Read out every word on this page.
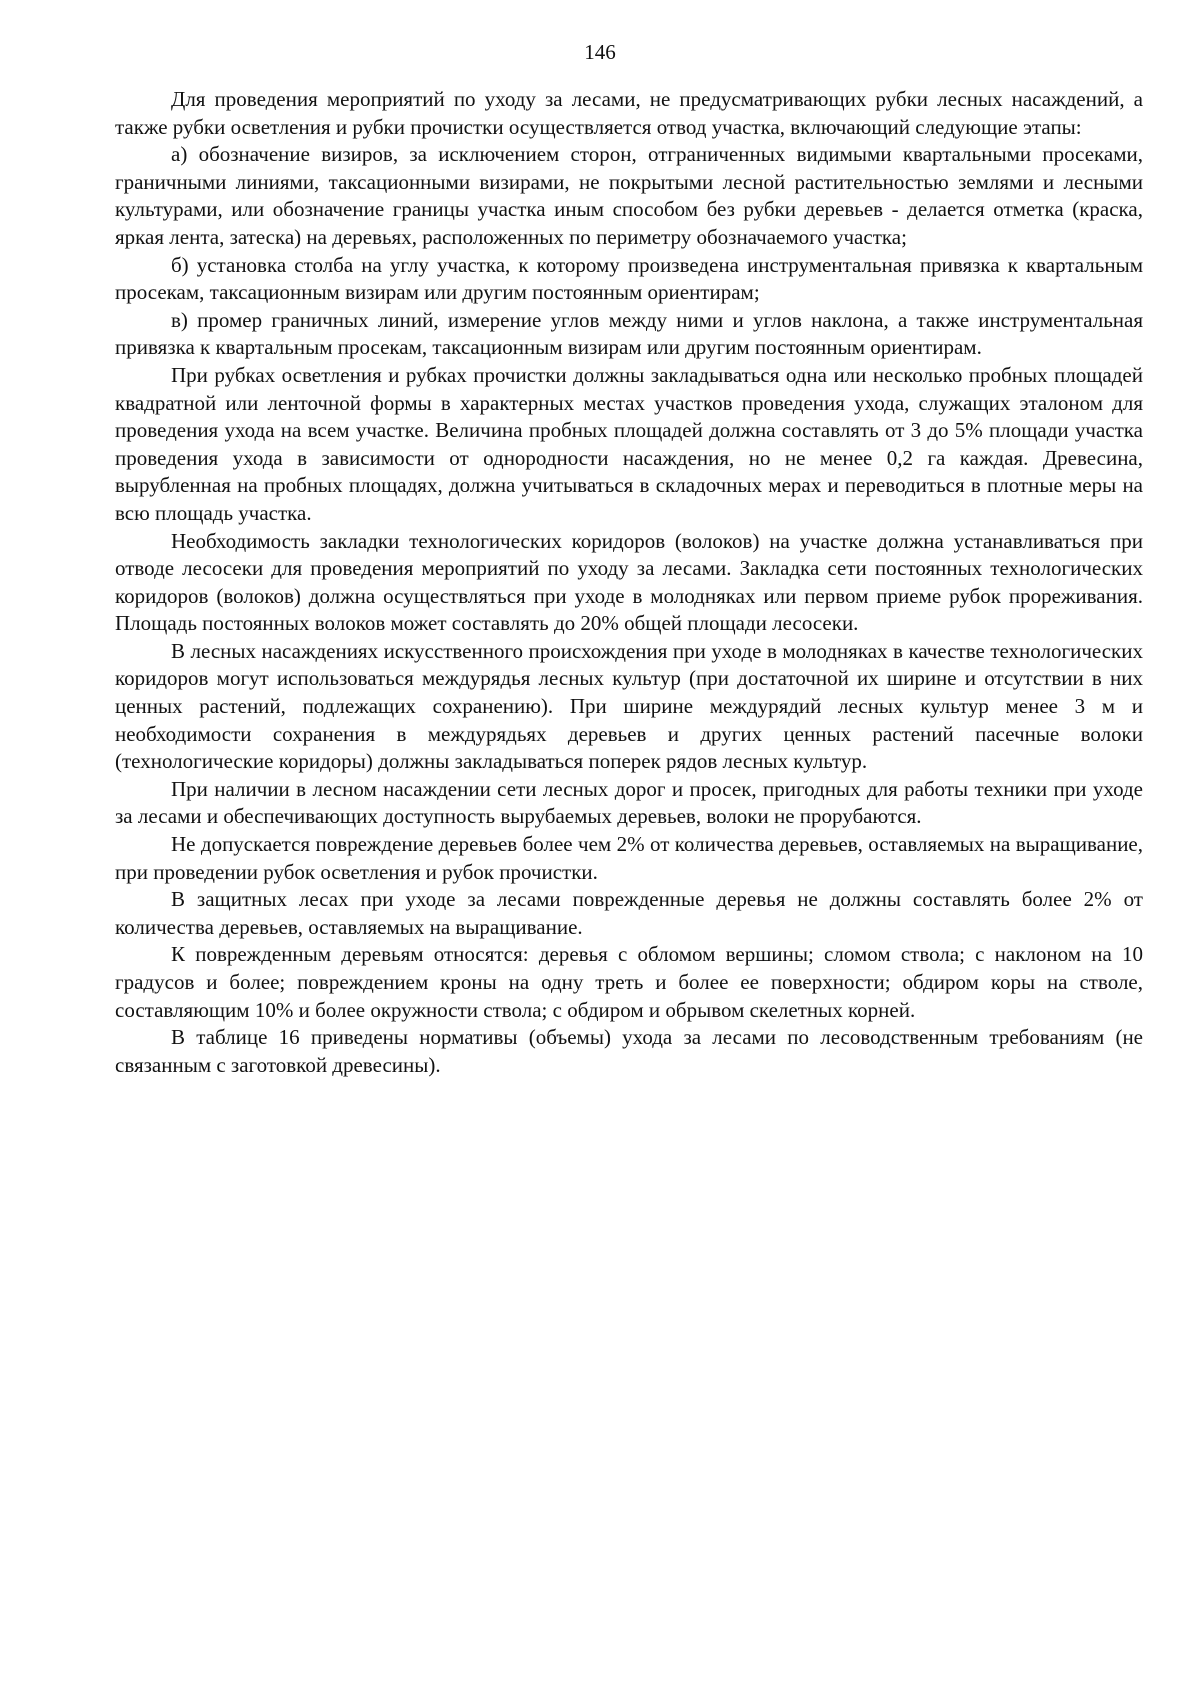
146

Для проведения мероприятий по уходу за лесами, не предусматривающих рубки лесных насаждений, а также рубки осветления и рубки прочистки осуществляется отвод участка, включающий следующие этапы:

а) обозначение визиров, за исключением сторон, отграниченных видимыми квартальными просеками, граничными линиями, таксационными визирами, не покрытыми лесной растительностью землями и лесными культурами, или обозначение границы участка иным способом без рубки деревьев - делается отметка (краска, яркая лента, затеска) на деревьях, расположенных по периметру обозначаемого участка;

б) установка столба на углу участка, к которому произведена инструментальная привязка к квартальным просекам, таксационным визирам или другим постоянным ориентирам;

в) промер граничных линий, измерение углов между ними и углов наклона, а также инструментальная привязка к квартальным просекам, таксационным визирам или другим постоянным ориентирам.

При рубках осветления и рубках прочистки должны закладываться одна или несколько пробных площадей квадратной или ленточной формы в характерных местах участков проведения ухода, служащих эталоном для проведения ухода на всем участке. Величина пробных площадей должна составлять от 3 до 5% площади участка проведения ухода в зависимости от однородности насаждения, но не менее 0,2 га каждая. Древесина, вырубленная на пробных площадях, должна учитываться в складочных мерах и переводиться в плотные меры на всю площадь участка.

Необходимость закладки технологических коридоров (волоков) на участке должна устанавливаться при отводе лесосеки для проведения мероприятий по уходу за лесами. Закладка сети постоянных технологических коридоров (волоков) должна осуществляться при уходе в молодняках или первом приеме рубок прореживания. Площадь постоянных волоков может составлять до 20% общей площади лесосеки.

В лесных насаждениях искусственного происхождения при уходе в молодняках в качестве технологических коридоров могут использоваться междурядья лесных культур (при достаточной их ширине и отсутствии в них ценных растений, подлежащих сохранению). При ширине междурядий лесных культур менее 3 м и необходимости сохранения в междурядьях деревьев и других ценных растений пасечные волоки (технологические коридоры) должны закладываться поперек рядов лесных культур.

При наличии в лесном насаждении сети лесных дорог и просек, пригодных для работы техники при уходе за лесами и обеспечивающих доступность вырубаемых деревьев, волоки не прорубаются.

Не допускается повреждение деревьев более чем 2% от количества деревьев, оставляемых на выращивание, при проведении рубок осветления и рубок прочистки.

В защитных лесах при уходе за лесами поврежденные деревья не должны составлять более 2% от количества деревьев, оставляемых на выращивание.

К поврежденным деревьям относятся: деревья с обломом вершины; сломом ствола; с наклоном на 10 градусов и более; повреждением кроны на одну треть и более ее поверхности; обдиром коры на стволе, составляющим 10% и более окружности ствола; с обдиром и обрывом скелетных корней.

В таблице 16 приведены нормативы (объемы) ухода за лесами по лесоводственным требованиям (не связанным с заготовкой древесины).
